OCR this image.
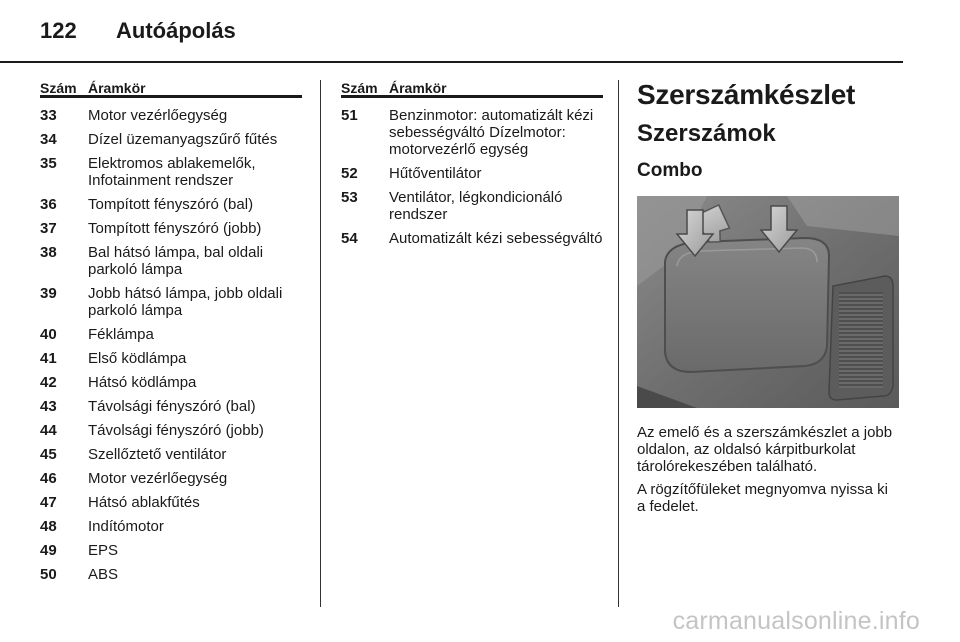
122	Autóápolás
Szám Áramkör
33	Motor vezérlőegység
34	Dízel üzemanyagszűrő fűtés
35	Elektromos ablakemelők, Infotainment rendszer
36	Tompított fényszóró (bal)
37	Tompított fényszóró (jobb)
38	Bal hátsó lámpa, bal oldali parkoló lámpa
39	Jobb hátsó lámpa, jobb oldali parkoló lámpa
40	Féklámpa
41	Első ködlámpa
42	Hátsó ködlámpa
43	Távolsági fényszóró (bal)
44	Távolsági fényszóró (jobb)
45	Szellőztető ventilátor
46	Motor vezérlőegység
47	Hátsó ablakfűtés
48	Indítómotor
49	EPS
50	ABS
Szám Áramkör
51	Benzinmotor: automatizált kézi sebességváltó Dízelmotor: motorvezérlő egység
52	Hűtőventilátor
53	Ventilátor, légkondicionáló rendszer
54	Automatizált kézi sebességváltó
Szerszámkészlet
Szerszámok
Combo

Az emelő és a szerszámkészlet a jobb oldalon, az oldalsó kárpitburkolat tárolórekeszében található.

A rögzítőfüleket megnyomva nyissa ki a fedelet.

carmanualsonline.info
